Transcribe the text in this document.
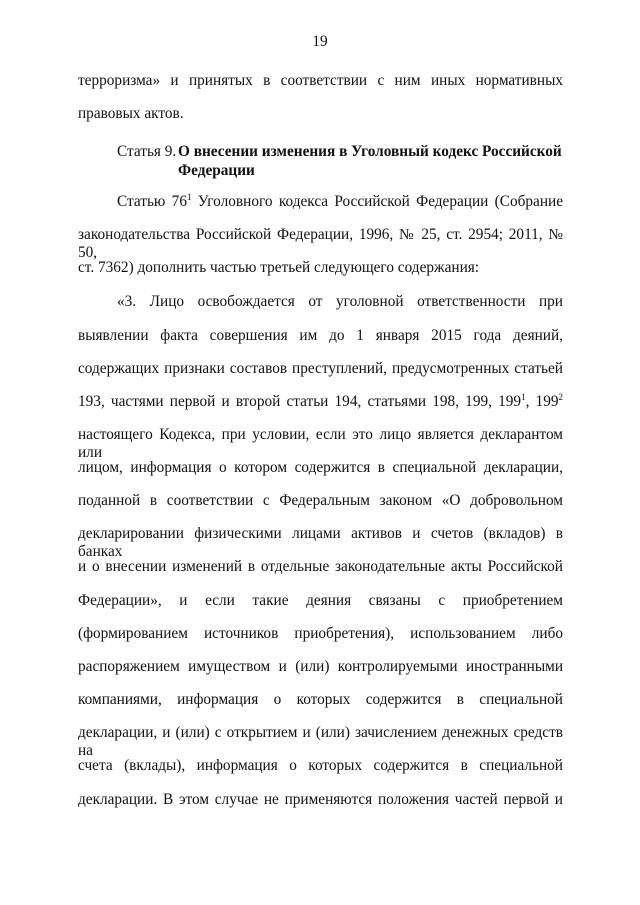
19
Статья 9. О внесении изменения в Уголовный кодекс Российской
Федерации
терроризма» и принятых в соответствии с ним иных нормативных
правовых актов.
Статью $76^1$ Уголовного кодекса Российской Федерации (Собрание
законодательства Российской Федерации, 1996, № 25, ст. 2954; 2011, № 50,
ст. 7362) дополнить частью третьей следующего содержания:
«3. Лицо освобождается от уголовной ответственности при
выявлении факта совершения им до 1 января 2015 года деяний,
содержащих признаки составов преступлений, предусмотренных статьей
193, частями первой и второй статьи 194, статьями 198, 199, $199^1$, $199^2$
настоящего Кодекса, при условии, если это лицо является декларантом или
лицом, информация о котором содержится в специальной декларации,
поданной в соответствии с Федеральным законом «О добровольном
декларировании физическими лицами активов и счетов (вкладов) в банках
и о внесении изменений в отдельные законодательные акты Российской
Федерации», и если такие деяния связаны с приобретением
(формированием источников приобретения), использованием либо
распоряжением имуществом и (или) контролируемыми иностранными
компаниями, информация о которых содержится в специальной
декларации, и (или) с открытием и (или) зачислением денежных средств на
счета (вклады), информация о которых содержится в специальной
декларации. В этом случае не применяются положения частей первой и
